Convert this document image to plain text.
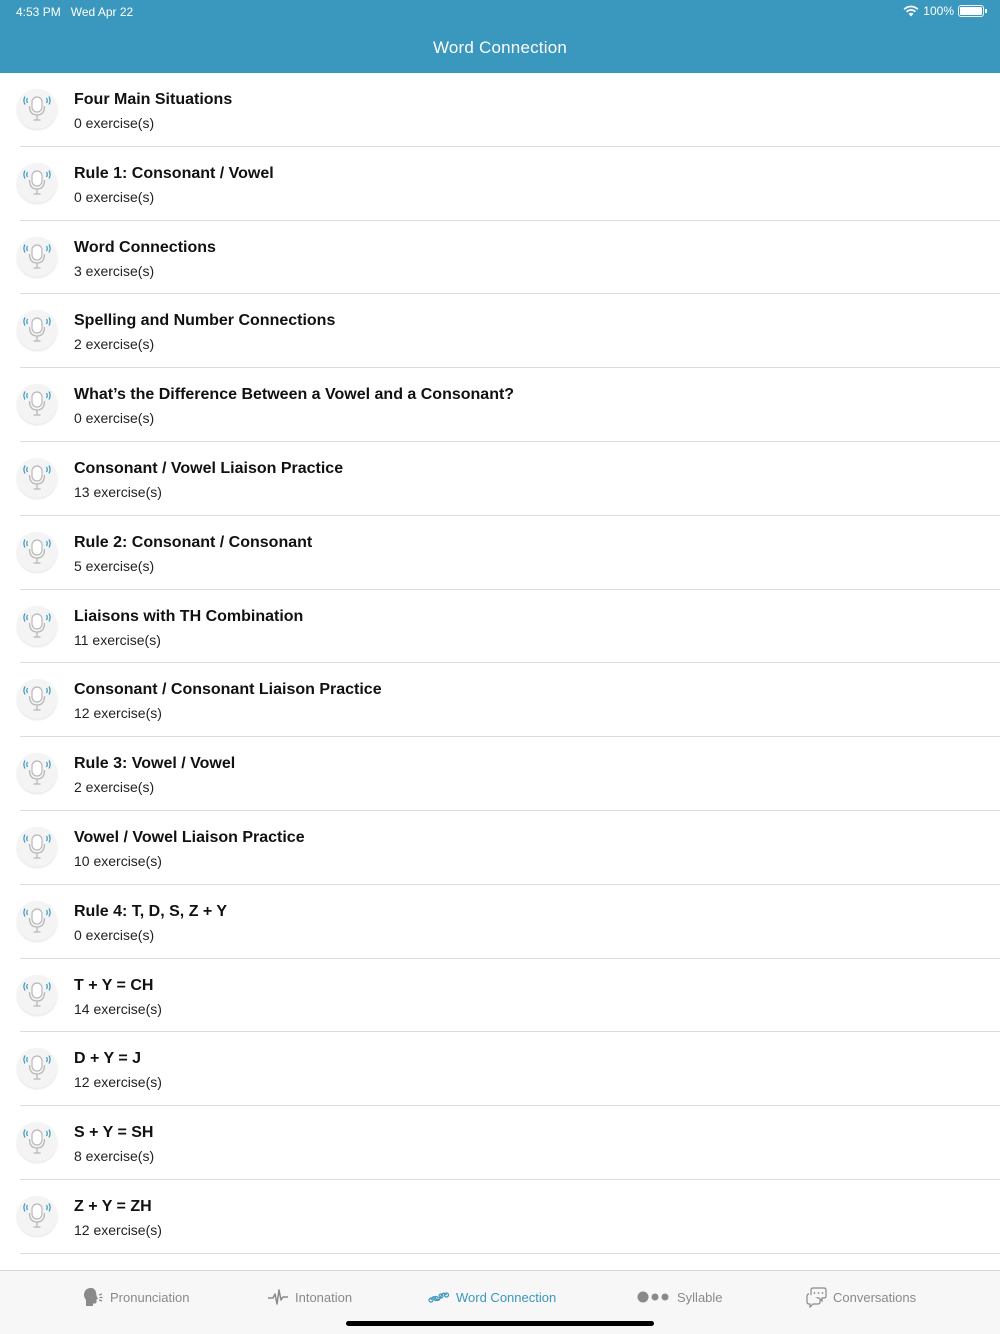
4:53 PM Wed Apr 22	100%
Word Connection
Four Main Situations
0 exercise(s)
Rule 1: Consonant / Vowel
0 exercise(s)
Word Connections
3 exercise(s)
Spelling and Number Connections
2 exercise(s)
What’s the Difference Between a Vowel and a Consonant?
0 exercise(s)
Consonant / Vowel Liaison Practice
13 exercise(s)
Rule 2: Consonant / Consonant
5 exercise(s)
Liaisons with TH Combination
11 exercise(s)
Consonant / Consonant Liaison Practice
12 exercise(s)
Rule 3: Vowel / Vowel
2 exercise(s)
Vowel / Vowel Liaison Practice
10 exercise(s)
Rule 4: T, D, S, Z + Y
0 exercise(s)
T + Y = CH
14 exercise(s)
D + Y = J
12 exercise(s)
S + Y = SH
8 exercise(s)
Z + Y = ZH
12 exercise(s)
Pronunciation	Intonation	Word Connection	Syllable	Conversations
